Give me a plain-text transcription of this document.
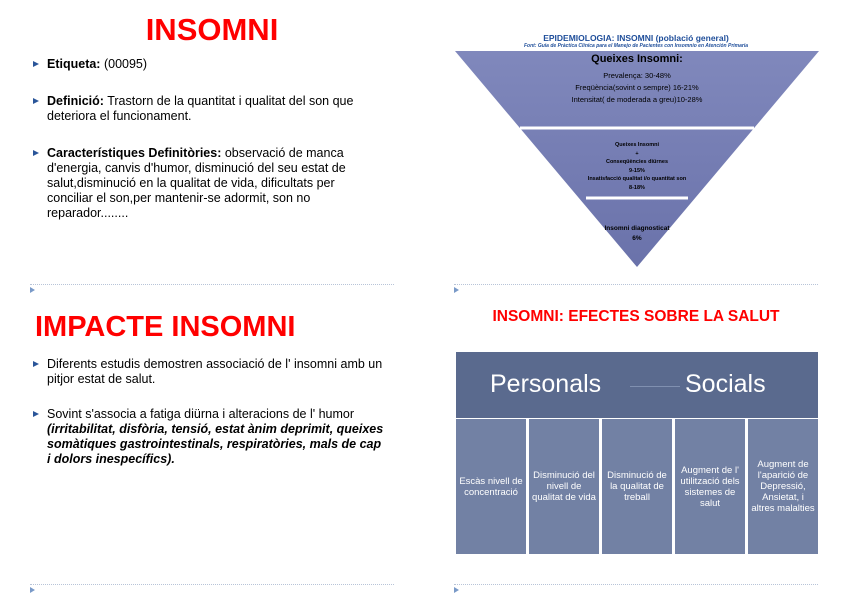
INSOMNI
Etiqueta: (00095)
Definició: Trastorn de la quantitat i qualitat del son que deteriora el funcionament.
Característiques Definitòries: observació de manca d'energia, canvis d'humor, disminució del seu estat de salut,disminució en la qualitat de vida, dificultats per conciliar el son,per mantenir-se adormit, son no reparador........
EPIDEMIOLOGIA: INSOMNI (població general)
Font: Guia de Pràctica Clínica para el Manejo de Pacientes con Insomnio en Atención Primaria
Queixes Insomni:
Prevalença: 30-48%
Freqüència(sovint o sempre) 16-21%
Intensitat( de moderada a greu)10-28%
Queixes Insomni
+
Conseqüències diürnes
9-15%
Insatisfacció qualitat i/o quantitat son
8-18%
Insomni diagnosticat
6%
IMPACTE INSOMNI
Diferents estudis demostren associació de l' insomni amb un pitjor estat de salut.
Sovint s'associa a fatiga diürna i alteracions de l' humor (irritabilitat, disfòria, tensió, estat ànim deprimit, queixes somàtiques gastrointestinals, respiratòries, mals de cap i dolors inespecífics).
INSOMNI: EFECTES SOBRE LA SALUT
Personals	Socials
Escàs nivell de concentració
Disminució del nivell de qualitat de vida
Disminució de la qualitat de treball
Augment de l' utilització dels sistemes de salut
Augment de l'aparició de Depressió, Ansietat, i altres malalties
